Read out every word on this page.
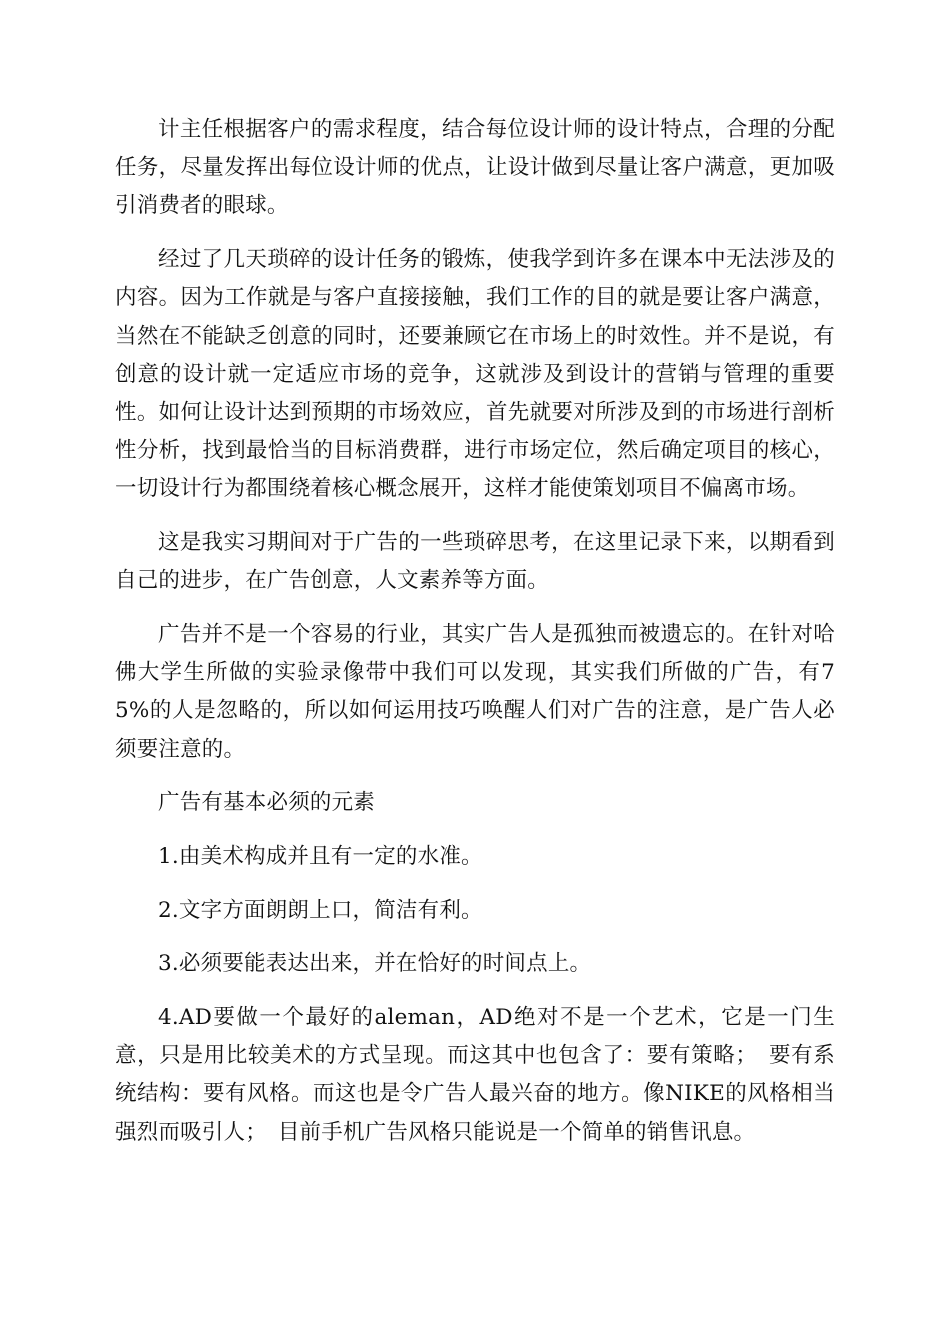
计主任根据客户的需求程度，结合每位设计师的设计特点，合理的分配任务，尽量发挥出每位设计师的优点，让设计做到尽量让客户满意，更加吸引消费者的眼球。

经过了几天琐碎的设计任务的锻炼，使我学到许多在课本中无法涉及的内容。因为工作就是与客户直接接触，我们工作的目的就是要让客户满意，当然在不能缺乏创意的同时，还要兼顾它在市场上的时效性。并不是说，有创意的设计就一定适应市场的竞争，这就涉及到设计的营销与管理的重要性。如何让设计达到预期的市场效应，首先就要对所涉及到的市场进行剖析性分析，找到最恰当的目标消费群，进行市场定位，然后确定项目的核心，一切设计行为都围绕着核心概念展开，这样才能使策划项目不偏离市场。

这是我实习期间对于广告的一些琐碎思考，在这里记录下来，以期看到自己的进步，在广告创意，人文素养等方面。

广告并不是一个容易的行业，其实广告人是孤独而被遗忘的。在针对哈佛大学生所做的实验录像带中我们可以发现，其实我们所做的广告，有75%的人是忽略的，所以如何运用技巧唤醒人们对广告的注意，是广告人必须要注意的。

广告有基本必须的元素

1.由美术构成并且有一定的水准。

2.文字方面朗朗上口，简洁有利。

3.必须要能表达出来，并在恰好的时间点上。

4.AD要做一个最好的aleman，AD绝对不是一个艺术，它是一门生意，只是用比较美术的方式呈现。而这其中也包含了：要有策略；　要有系统结构：要有风格。而这也是令广告人最兴奋的地方。像NIKE的风格相当强烈而吸引人；　目前手机广告风格只能说是一个简单的销售讯息。
